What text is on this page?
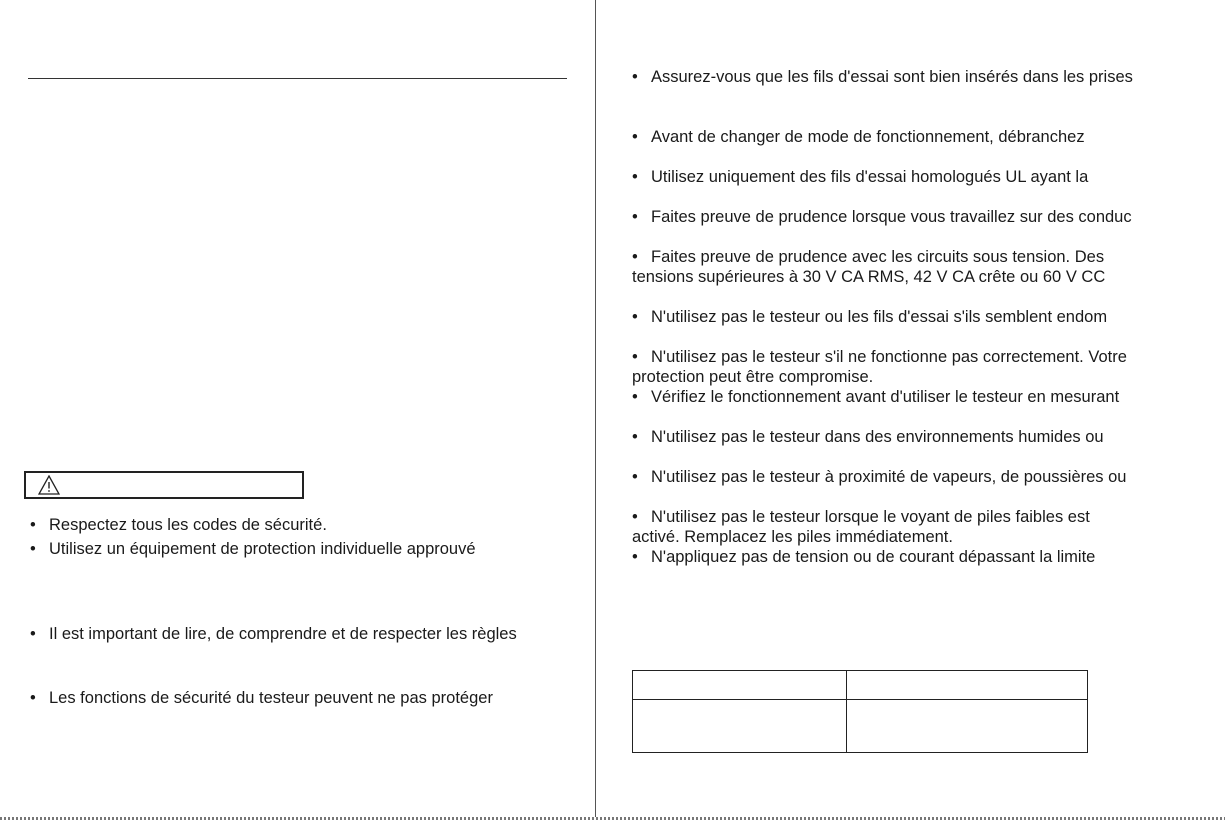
• Respectez tous les codes de sécurité.
• Utilisez un équipement de protection individuelle approuvé
• Il est important de lire, de comprendre et de respecter les règles
• Les fonctions de sécurité du testeur peuvent ne pas protéger
• Assurez-vous que les fils d'essai sont bien insérés dans les prises
• Avant de changer de mode de fonctionnement, débranchez
• Utilisez uniquement des fils d'essai homologués UL ayant la
• Faites preuve de prudence lorsque vous travaillez sur des conduc
• Faites preuve de prudence avec les circuits sous tension. Des
tensions supérieures à 30 V CA RMS, 42 V CA crête ou 60 V CC
• N'utilisez pas le testeur ou les fils d'essai s'ils semblent endom
• N'utilisez pas le testeur s'il ne fonctionne pas correctement. Votre
protection peut être compromise.
• Vérifiez le fonctionnement avant d'utiliser le testeur en mesurant
• N'utilisez pas le testeur dans des environnements humides ou
• N'utilisez pas le testeur à proximité de vapeurs, de poussières ou
• N'utilisez pas le testeur lorsque le voyant de piles faibles est
activé. Remplacez les piles immédiatement.
• N'appliquez pas de tension ou de courant dépassant la limite
